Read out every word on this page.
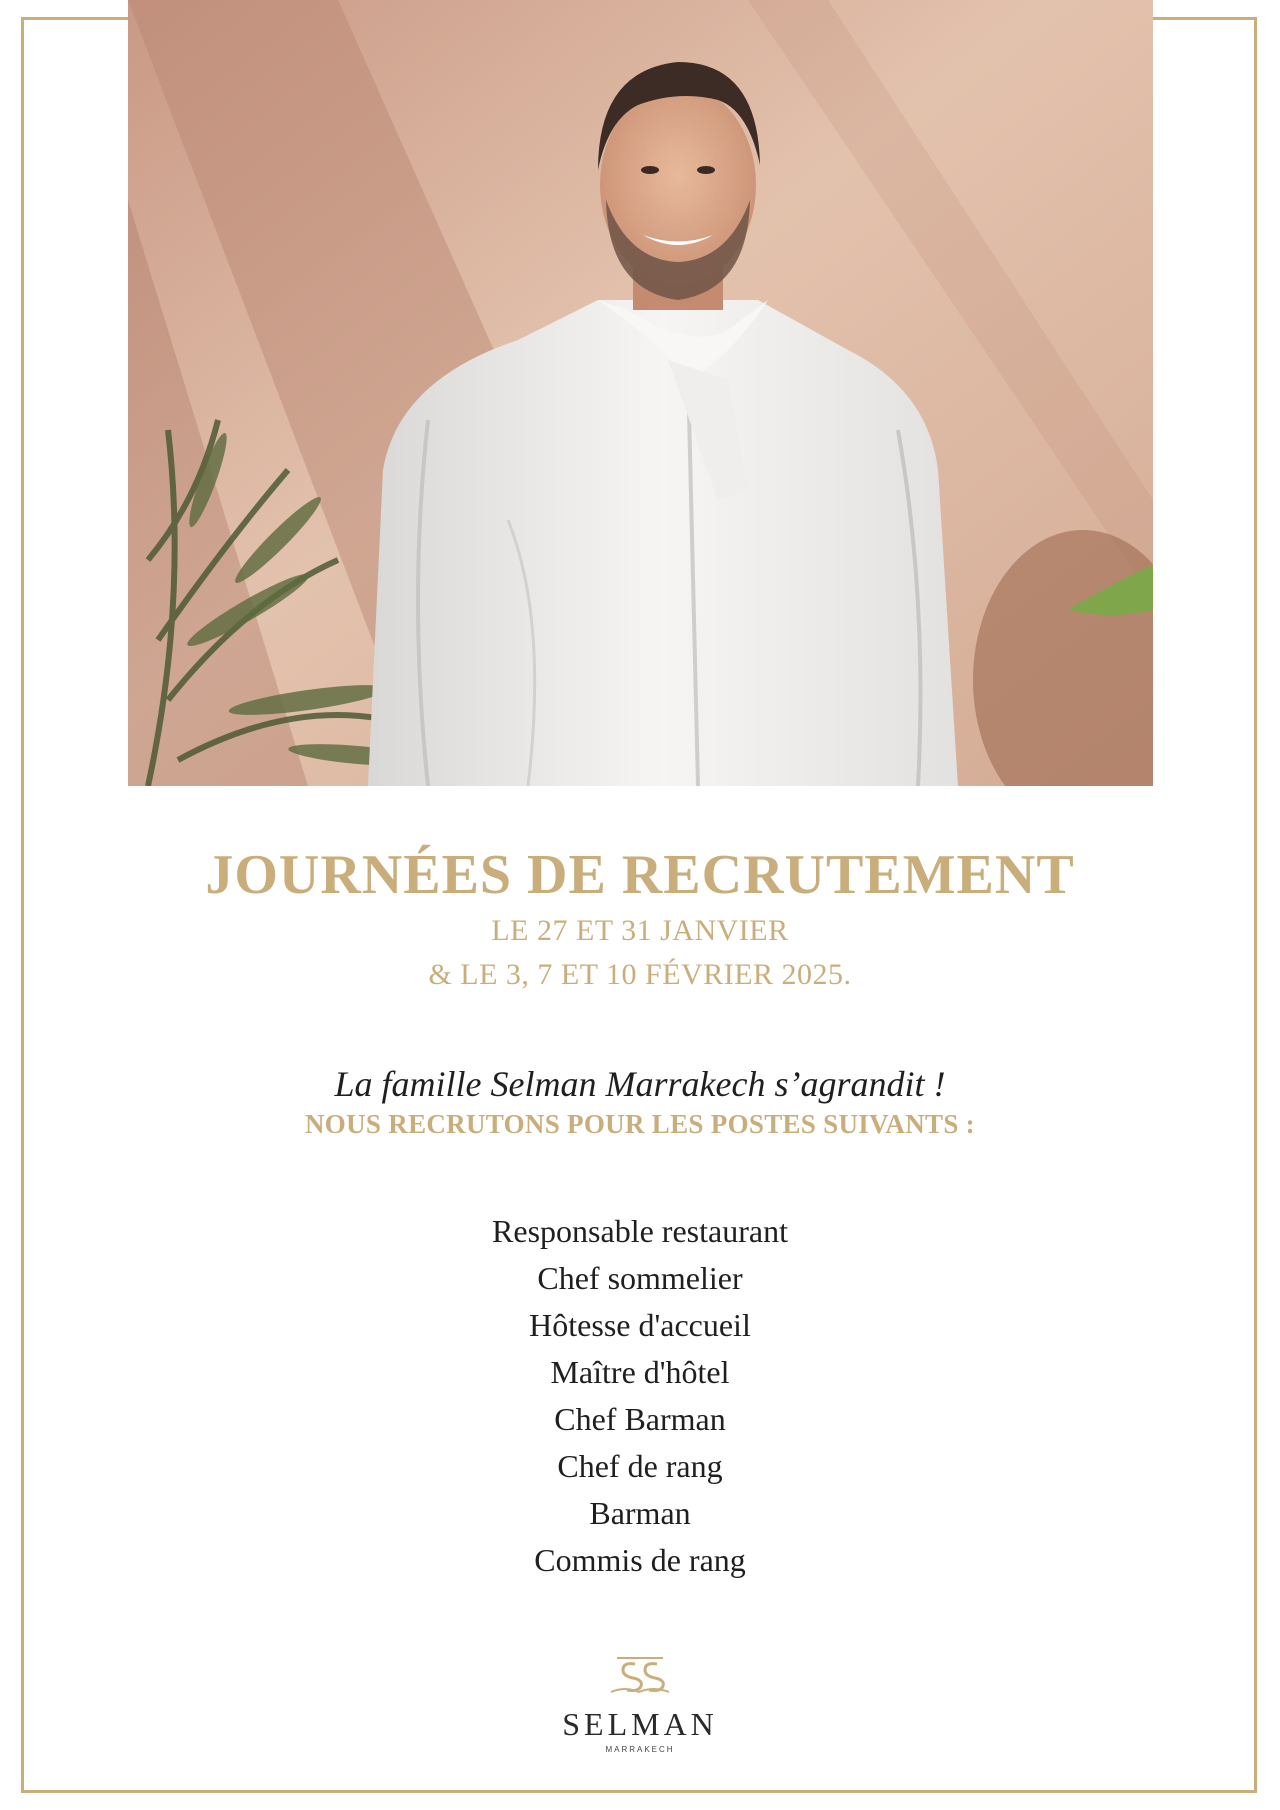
JOURNÉES DE RECRUTEMENT

LE 27 ET 31 JANVIER

& LE 3, 7 ET 10 FÉVRIER 2025.

La famille Selman Marrakech s’agrandit !

NOUS RECRUTONS POUR LES POSTES SUIVANTS :

Responsable restaurant
Chef sommelier
Hôtesse d'accueil
Maître d'hôtel
Chef Barman
Chef de rang
Barman
Commis de rang
SELMAN
MARRAKECH
